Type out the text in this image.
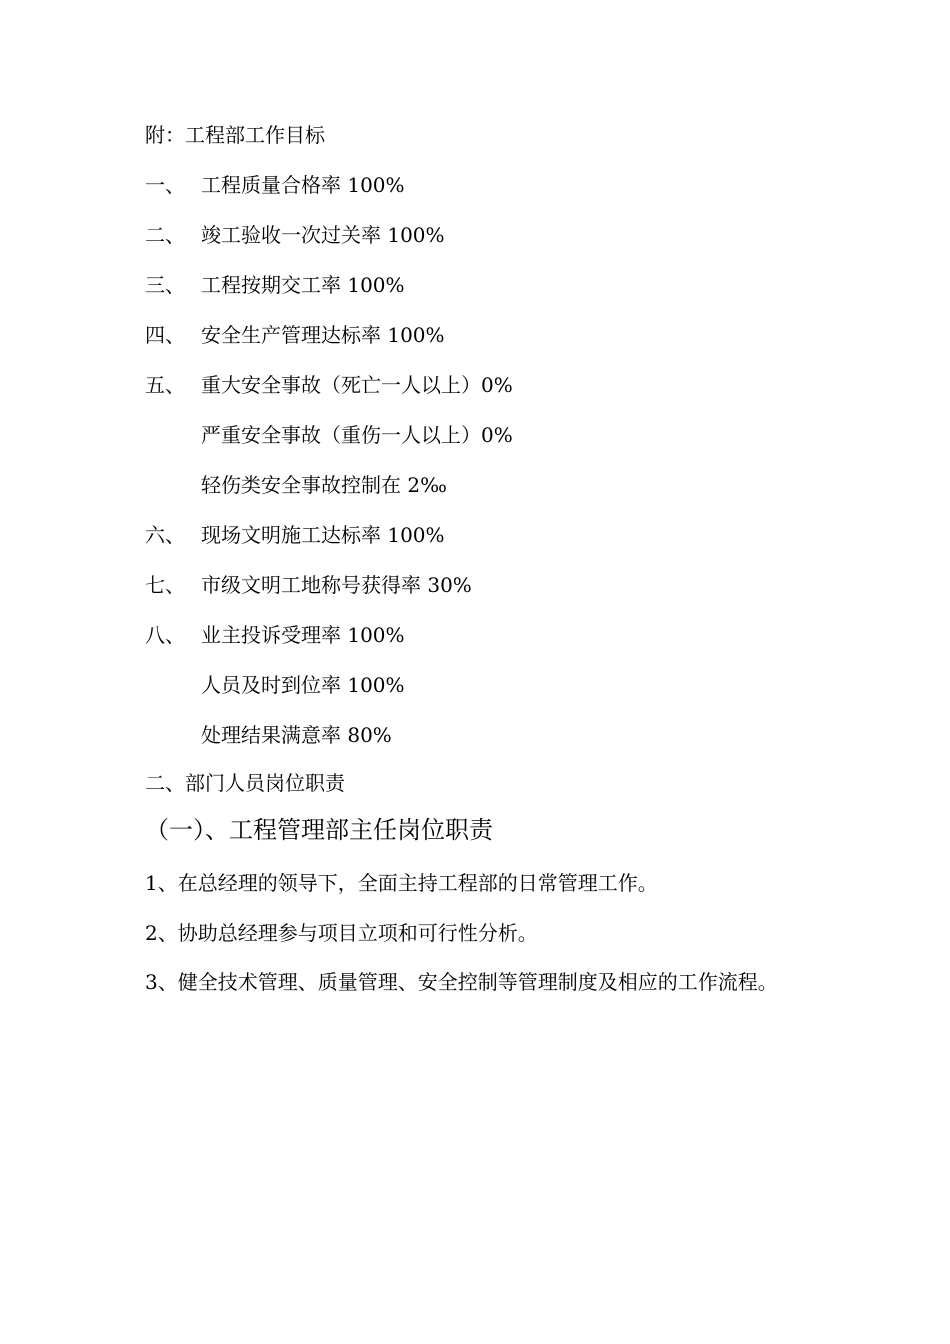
附：工程部工作目标
一、 工程质量合格率 100%
二、 竣工验收一次过关率 100%
三、 工程按期交工率 100%
四、 安全生产管理达标率 100%
五、 重大安全事故（死亡一人以上）0%
严重安全事故（重伤一人以上）0%
轻伤类安全事故控制在 2‰
六、 现场文明施工达标率 100%
七、 市级文明工地称号获得率 30%
八、 业主投诉受理率 100%
人员及时到位率 100%
处理结果满意率 80%
二、部门人员岗位职责
（一）、工程管理部主任岗位职责
1、在总经理的领导下，全面主持工程部的日常管理工作。
2、协助总经理参与项目立项和可行性分析。
3、健全技术管理、质量管理、安全控制等管理制度及相应的工作流程。
